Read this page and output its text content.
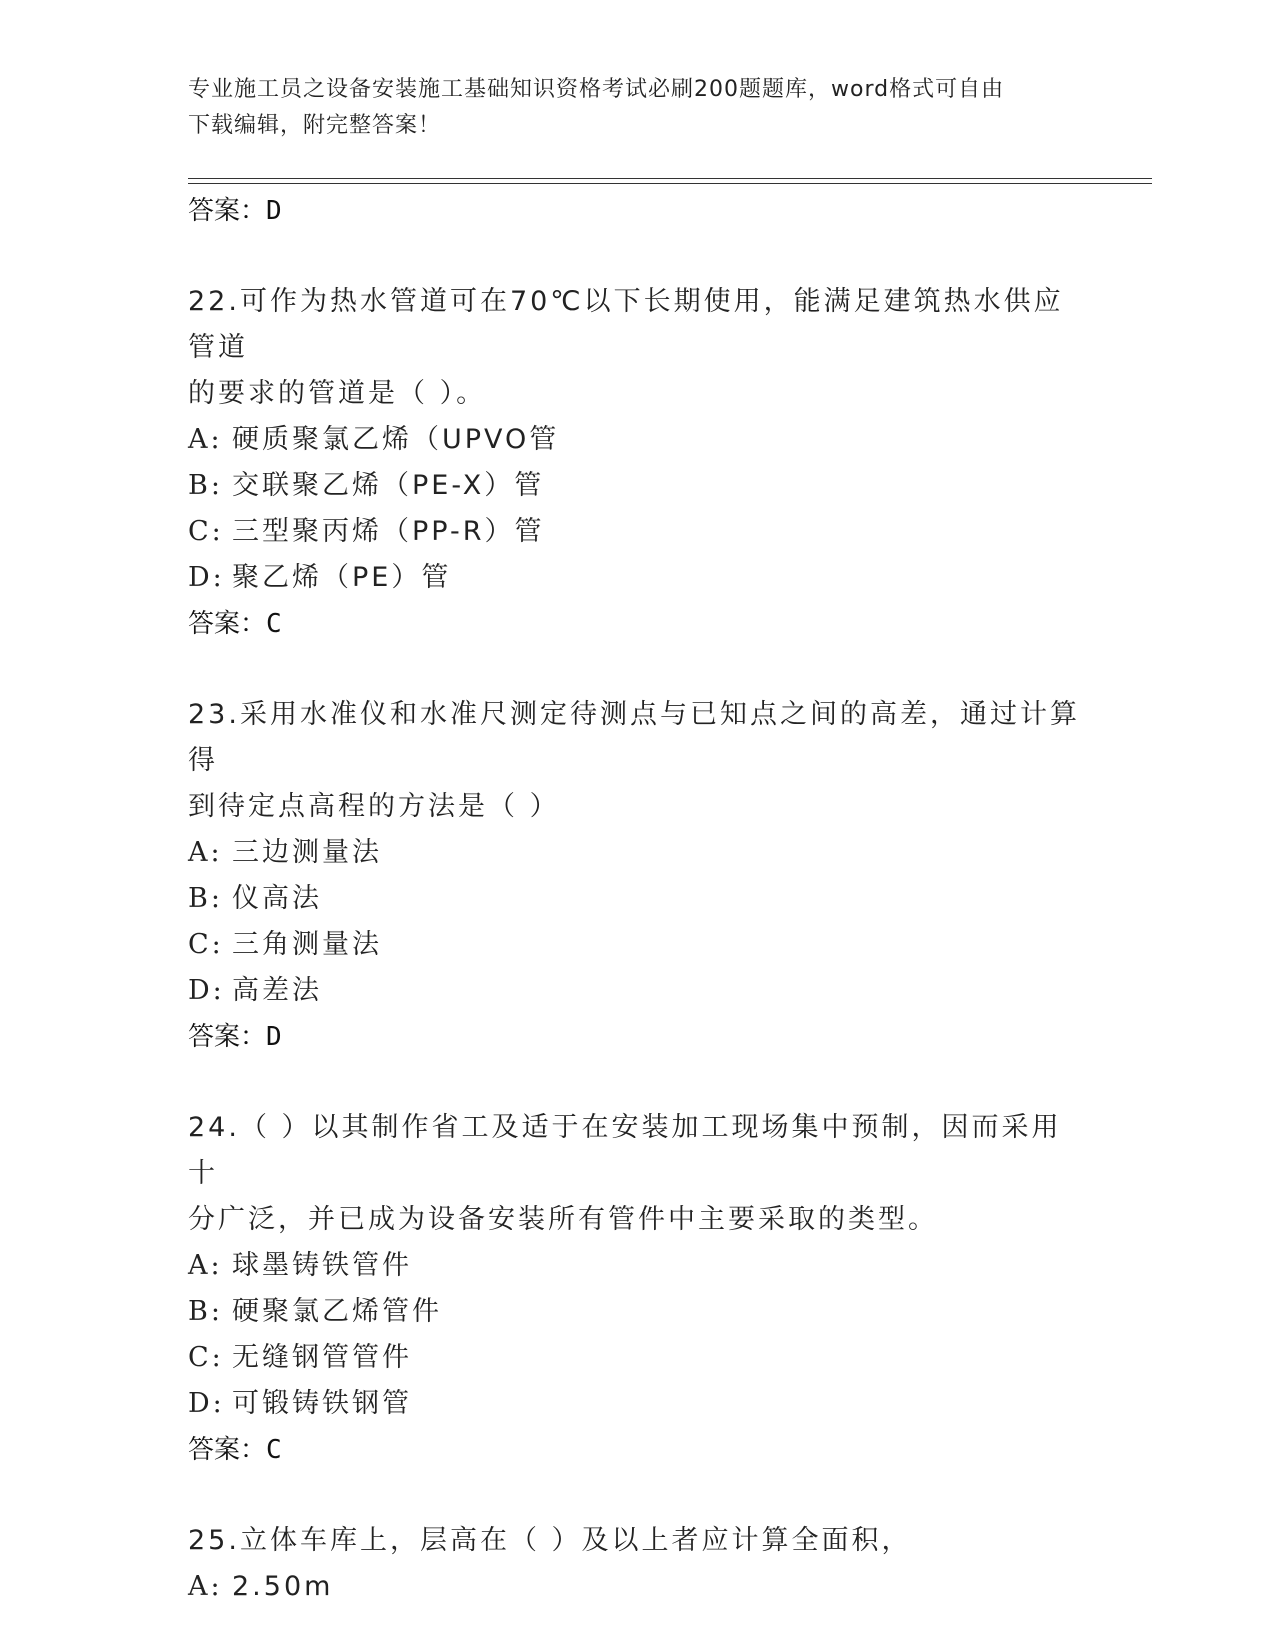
专业施工员之设备安装施工基础知识资格考试必刷200题题库，word格式可自由
下载编辑，附完整答案！
答案：D
22.可作为热水管道可在70℃以下长期使用，能满足建筑热水供应管道
的要求的管道是（ ）。
A: 硬质聚氯乙烯（UPVO管
B: 交联聚乙烯（PE-X）管
C: 三型聚丙烯（PP-R）管
D: 聚乙烯（PE）管
答案：C
23.采用水准仪和水准尺测定待测点与已知点之间的高差，通过计算得
到待定点高程的方法是（ ）
A: 三边测量法
B: 仪高法
C: 三角测量法
D: 高差法
答案：D
24.（ ）以其制作省工及适于在安装加工现场集中预制，因而采用十
分广泛，并已成为设备安装所有管件中主要采取的类型。
A: 球墨铸铁管件
B: 硬聚氯乙烯管件
C: 无缝钢管管件
D: 可锻铸铁钢管
答案：C
25.立体车库上，层高在（ ）及以上者应计算全面积，
A: 2.50m
